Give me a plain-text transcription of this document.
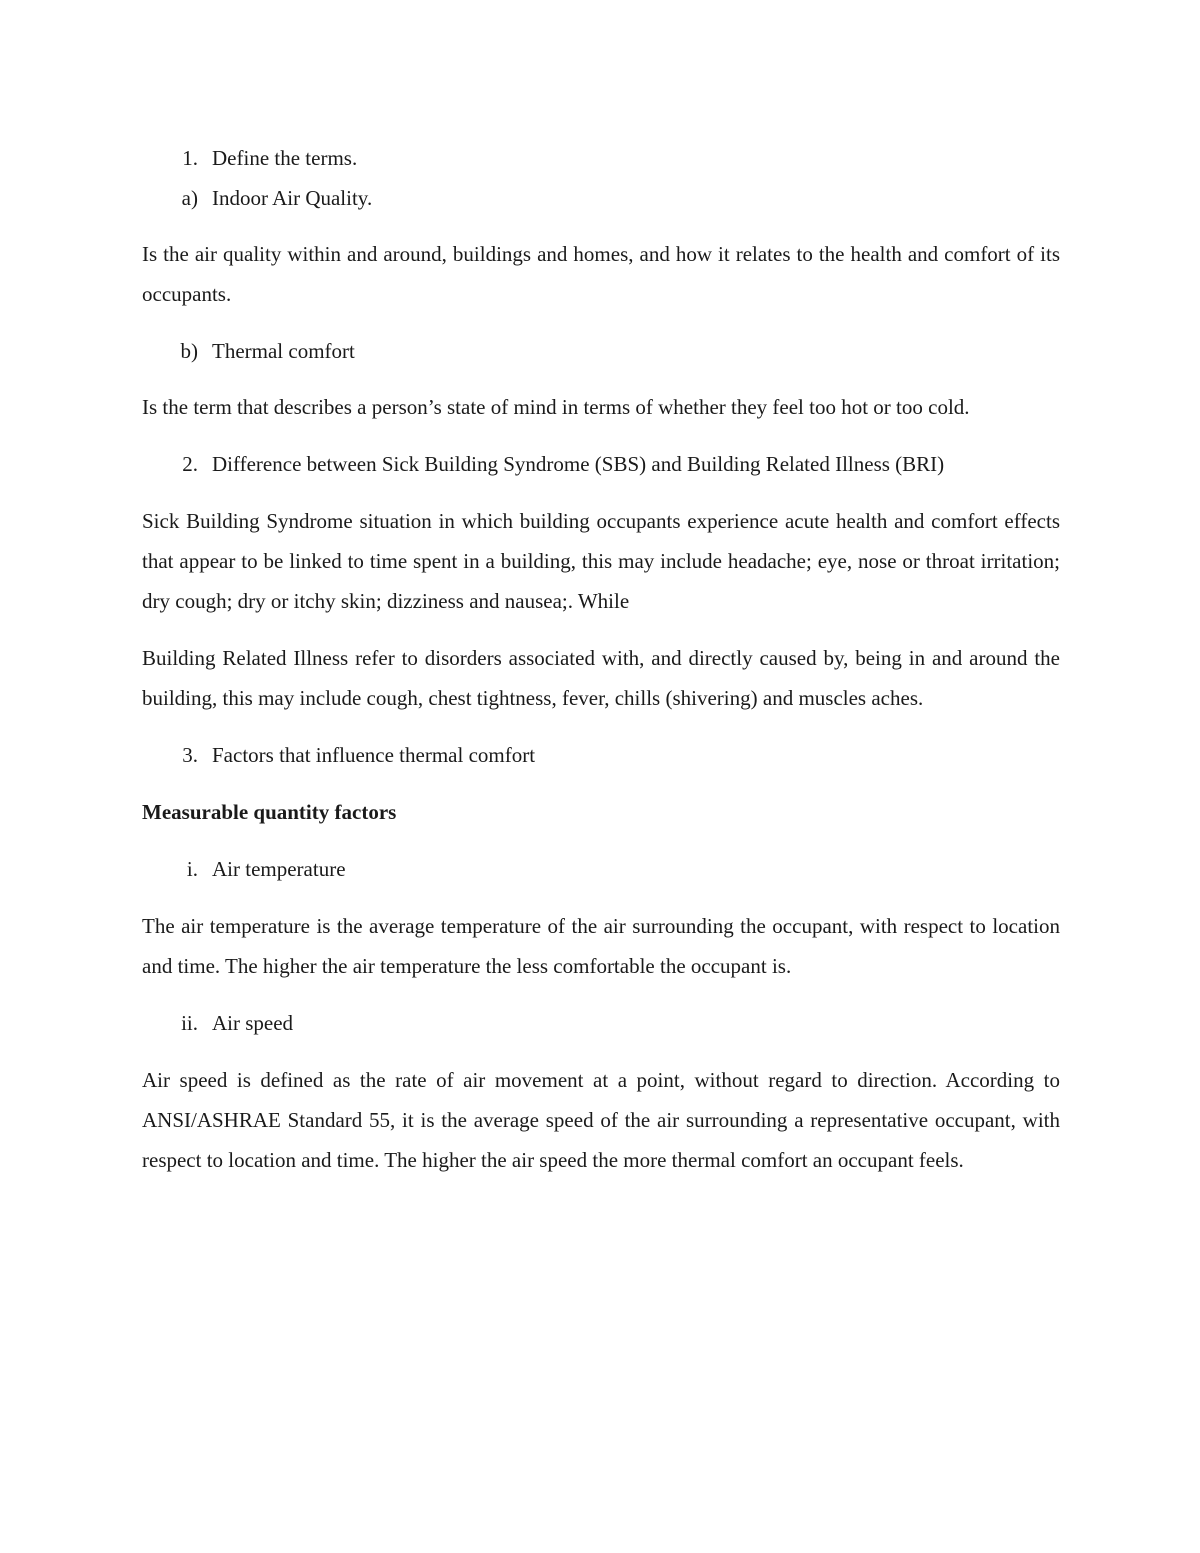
1. Define the terms.
a) Indoor Air Quality.

Is the air quality within and around, buildings and homes, and how it relates to the health and comfort of its occupants.

b) Thermal comfort

Is the term that describes a person’s state of mind in terms of whether they feel too hot or too cold.

2. Difference between Sick Building Syndrome (SBS) and Building Related Illness (BRI)

Sick Building Syndrome situation in which building occupants experience acute health and comfort effects that appear to be linked to time spent in a building, this may include headache; eye, nose or throat irritation; dry cough; dry or itchy skin; dizziness and nausea;. While

Building Related Illness refer to disorders associated with, and directly caused by, being in and around the building, this may include cough, chest tightness, fever, chills (shivering) and muscles aches.

3. Factors that influence thermal comfort

Measurable quantity factors

i. Air temperature

The air temperature is the average temperature of the air surrounding the occupant, with respect to location and time. The higher the air temperature the less comfortable the occupant is.

ii. Air speed

Air speed is defined as the rate of air movement at a point, without regard to direction. According to ANSI/ASHRAE Standard 55, it is the average speed of the air surrounding a representative occupant, with respect to location and time. The higher the air speed the more thermal comfort an occupant feels.
